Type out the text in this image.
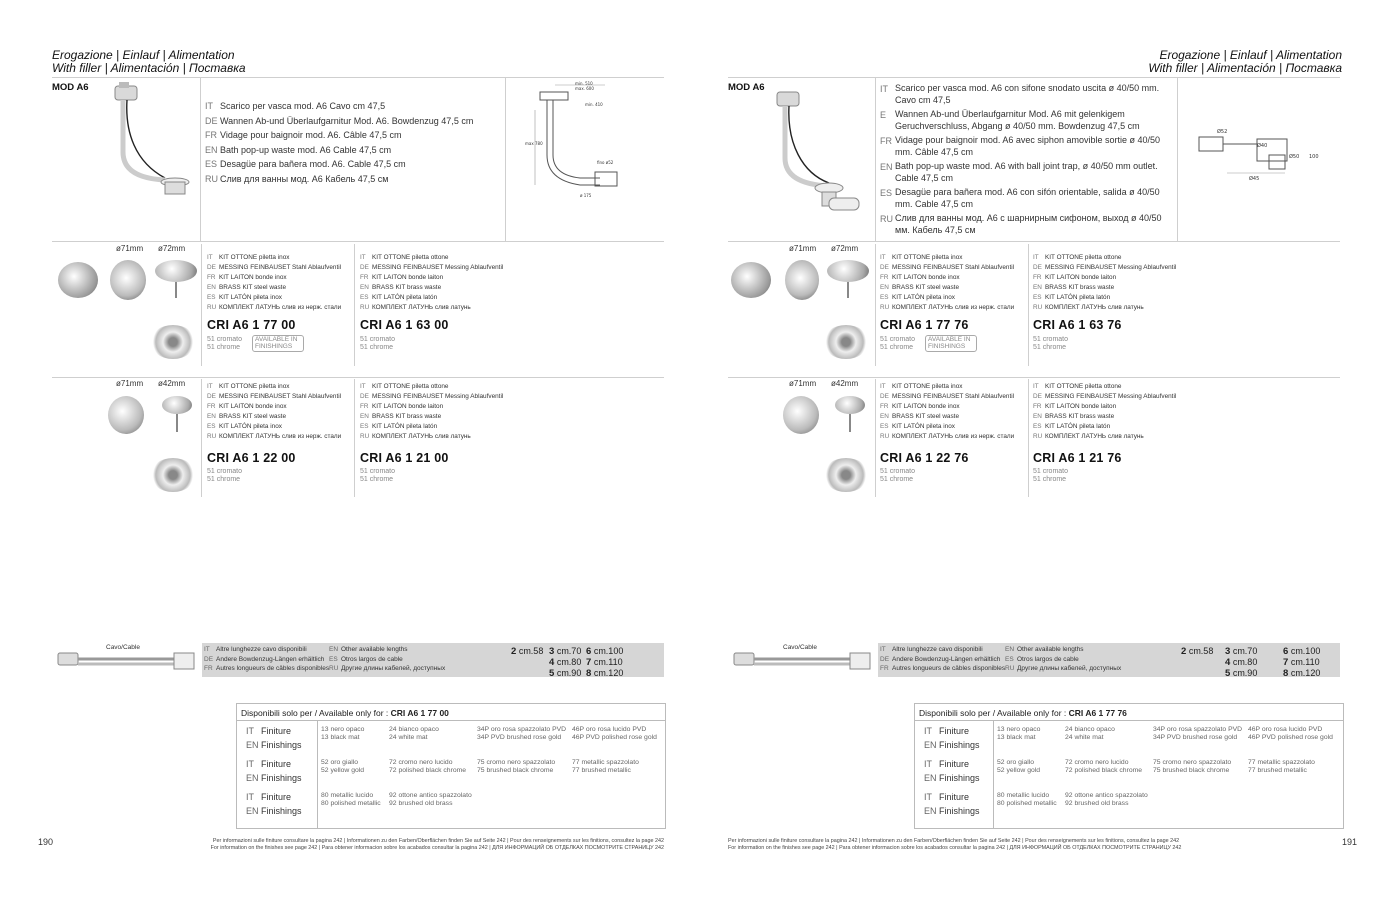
Erogazione | Einlauf | Alimentation
With filler | Alimentación | Поставка
MOD A6
IT Scarico per vasca mod. A6 Cavo cm 47,5
DE Wannen Ab-und Überlaufgarnitur Mod. A6. Bowdenzug 47,5 cm
FR Vidage pour baignoir mod. A6. Câble 47,5 cm
EN Bath pop-up waste mod. A6 Cable 47,5 cm
ES Desagüe para bañera mod. A6. Cable 47,5 cm
RU Слив для ванны мод. A6 Кабель 47,5 см
min. 510
max. 600
min. 410
max 780
fino ø52
ø 175
ø71mm ø72mm
IT KIT OTTONE piletta inox
DE MESSING FEINBAUSET Stahl Ablaufventil
FR KIT LAITON bonde inox
EN BRASS KIT steel waste
ES KIT LATÓN pileta inox
RU КОМПЛЕКТ ЛАТУНЬ слив из нерж. стали
CRI A6 1 77 00
51 cromato
51 chrome
AVAILABLE IN FINISHINGS
IT KIT OTTONE piletta ottone
DE MESSING FEINBAUSET Messing Ablaufventil
FR KIT LAITON bonde laiton
EN BRASS KIT brass waste
ES KIT LATÓN pileta latón
RU КОМПЛЕКТ ЛАТУНЬ слив латунь
CRI A6 1 63 00
51 cromato
51 chrome
ø71mm ø42mm	IT KIT OTTONE piletta inox
DE MESSING FEINBAUSET Stahl Ablaufventil
FR KIT LAITON bonde inox
EN BRASS KIT steel waste
ES KIT LATÓN pileta inox
RU КОМПЛЕКТ ЛАТУНЬ слив из нерж. стали
CRI A6 1 22 00
51 cromato
51 chrome
IT KIT OTTONE piletta ottone
DE MESSING FEINBAUSET Messing Ablaufventil
FR KIT LAITON bonde laiton
EN BRASS KIT brass waste
ES KIT LATÓN pileta latón
RU КОМПЛЕКТ ЛАТУНЬ слив латунь
CRI A6 1 21 00
51 cromato
51 chrome
Cavo/Cable	IT Altre lunghezze cavo disponibili
DE Andere Bowdenzug-Längen erhältlich
FR Autres longueurs de câbles disponibles
EN Other available lengths
ES Otros largos de cable
RU Другие длины кабелей, доступных
2 cm.58 3 cm.70 6 cm.100
4 cm.80 7 cm.110
5 cm.90 8 cm.120
Disponibili solo per / Available only for : CRI A6 1 77 00
IT Finiture
EN Finishings
13 nero opaco
13 black mat
24 bianco opaco
24 white mat
34P oro rosa spazzolato PVD
34P PVD brushed rose gold
46P oro rosa lucido PVD
46P PVD polished rose gold
IT Finiture
EN Finishings
52 oro giallo
52 yellow gold
72 cromo nero lucido
72 polished black chrome
75 cromo nero spazzolato
75 brushed black chrome
77 metallic spazzolato
77 brushed metallic
IT Finiture
EN Finishings
80 metallic lucido
80 polished metallic
92 ottone antico spazzolato
92 brushed old brass
190	Per informazioni sulle finiture consultare la pagina 242 | Informationen zu den Farben/Oberflächen finden Sie auf Seite 242 | Pour des renseignements sur les finitions, consultez la page 242
For information on the finishes see page 242 | Para obtener informacion sobre los acabados consultar la pagina 242 | ДЛЯ ИНФОРМАЦИЙ ОБ ОТДЕЛКАХ ПОСМОТРИТЕ СТРАНИЦУ 242
Erogazione | Einlauf | Alimentation
With filler | Alimentación | Поставка
MOD A6	IT Scarico per vasca mod. A6 con sifone snodato uscita ø 40/50 mm. Cavo cm 47,5
E Wannen Ab-und Überlaufgarnitur Mod. A6 mit gelenkigem Geruchverschluss, Abgang ø 40/50 mm. Bowdenzug 47,5 cm
FR Vidage pour baignoir mod. A6 avec siphon amovible sortie ø 40/50 mm. Câble 47,5 cm
EN Bath pop-up waste mod. A6 with ball joint trap, ø 40/50 mm outlet. Cable 47,5 cm
ES Desagüe para bañera mod. A6 con sifón orientable, salida ø 40/50 mm. Cable 47,5 cm
RU Слив для ванны мод. A6 с шарнирным сифоном, выход ø 40/50 мм. Кабель 47,5 см
Ø52
Ø40
Ø50 100
Ø45
ø71mm ø72mm
IT KIT OTTONE piletta inox
DE MESSING FEINBAUSET Stahl Ablaufventil
FR KIT LAITON bonde inox
EN BRASS KIT steel waste
ES KIT LATÓN pileta inox
RU КОМПЛЕКТ ЛАТУНЬ слив из нерж. стали
CRI A6 1 77 76
51 cromato
51 chrome
AVAILABLE IN FINISHINGS
IT KIT OTTONE piletta ottone
DE MESSING FEINBAUSET Messing Ablaufventil
FR KIT LAITON bonde laiton
EN BRASS KIT brass waste
ES KIT LATÓN pileta latón
RU КОМПЛЕКТ ЛАТУНЬ слив латунь
CRI A6 1 63 76
51 cromato
51 chrome
ø71mm ø42mm	IT KIT OTTONE piletta inox
DE MESSING FEINBAUSET Stahl Ablaufventil
FR KIT LAITON bonde inox
EN BRASS KIT steel waste
ES KIT LATÓN pileta inox
RU КОМПЛЕКТ ЛАТУНЬ слив из нерж. стали
CRI A6 1 22 76
51 cromato
51 chrome
IT KIT OTTONE piletta ottone
DE MESSING FEINBAUSET Messing Ablaufventil
FR KIT LAITON bonde laiton
EN BRASS KIT brass waste
ES KIT LATÓN pileta latón
RU КОМПЛЕКТ ЛАТУНЬ слив латунь
CRI A6 1 21 76
51 cromato
51 chrome
Cavo/Cable	IT Altre lunghezze cavo disponibili
DE Andere Bowdenzug-Längen erhältlich
FR Autres longueurs de câbles disponibles
EN Other available lengths
ES Otros largos de cable
RU Другие длины кабелей, доступных
2 cm.58 3 cm.70	6 cm.100
4 cm.80	7 cm.110
5 cm.90	8 cm.120
Disponibili solo per / Available only for : CRI A6 1 77 76
IT Finiture
EN Finishings
13 nero opaco
13 black mat
24 bianco opaco
24 white mat
34P oro rosa spazzolato PVD
34P PVD brushed rose gold
46P oro rosa lucido PVD
46P PVD polished rose gold
IT Finiture
EN Finishings
52 oro giallo
52 yellow gold
72 cromo nero lucido
72 polished black chrome
75 cromo nero spazzolato
75 brushed black chrome
77 metallic spazzolato
77 brushed metallic
IT Finiture
EN Finishings
80 metallic lucido
80 polished metallic
92 ottone antico spazzolato
92 brushed old brass
Per informazioni sulle finiture consultare la pagina 242 | Informationen zu den Farben/Oberflächen finden Sie auf Seite 242 | Pour des renseignements sur les finitions, consultez la page 242
For information on the finishes see page 242 | Para obtener informacion sobre los acabados consultar la pagina 242 | ДЛЯ ИНФОРМАЦИЙ ОБ ОТДЕЛКАХ ПОСМОТРИТЕ СТРАНИЦУ 242
191
